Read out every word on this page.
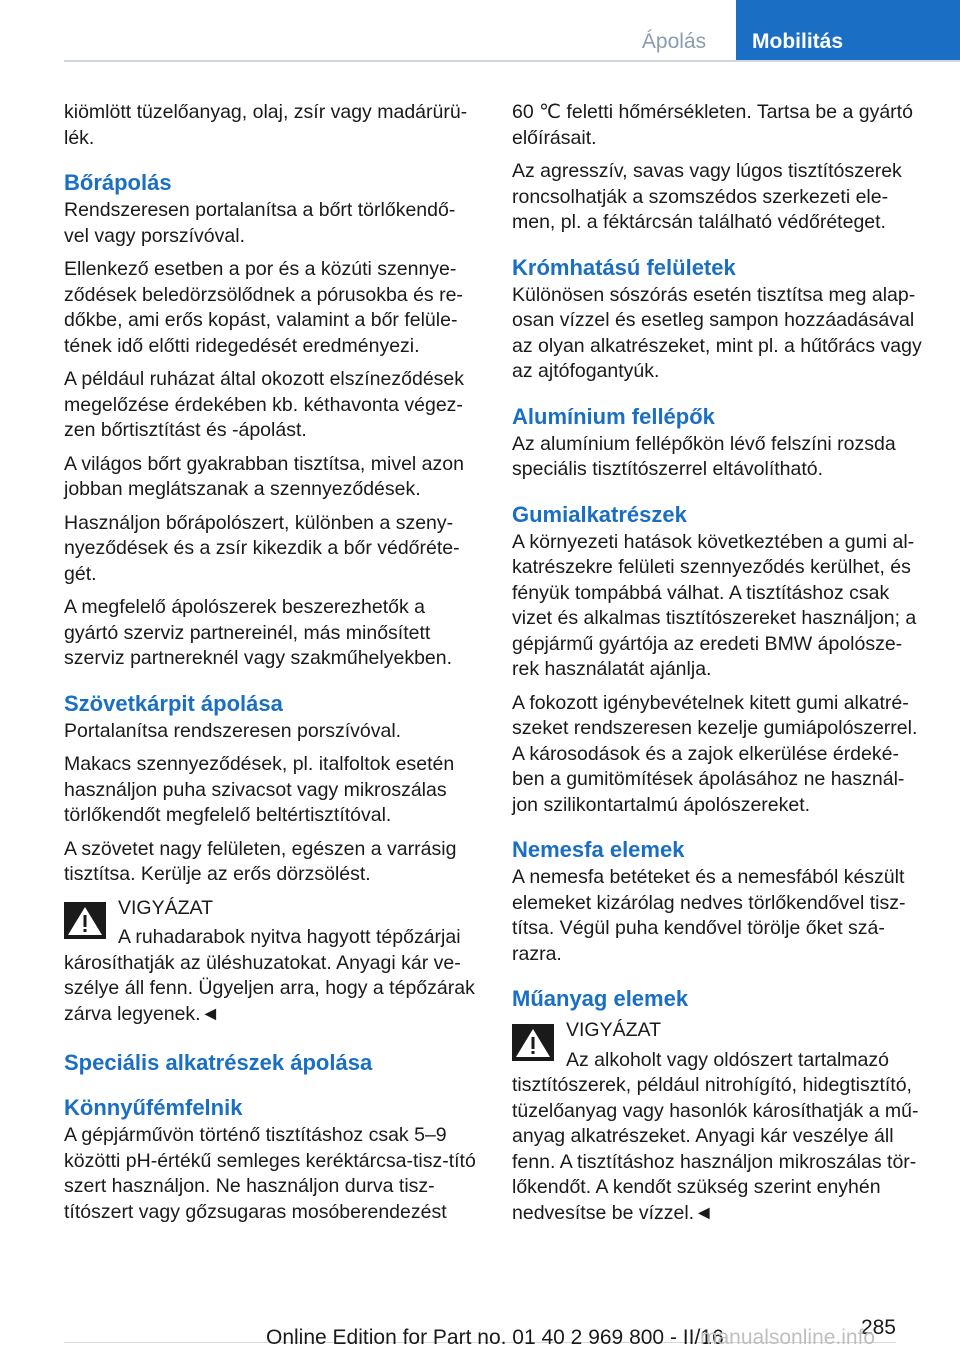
Ápolás	Mobilitás

kiömlött tüzelőanyag, olaj, zsír vagy madárürü-lék.

Bőrápolás

Rendszeresen portalanítsa a bőrt törlőkendő-vel vagy porszívóval.

Ellenkező esetben a por és a közúti szennye-ződések beledörzsölődnek a pórusokba és re-dőkbe, ami erős kopást, valamint a bőr felüle-tének idő előtti ridegedését eredményezi.

A például ruházat által okozott elszíneződések megelőzése érdekében kb. kéthavonta végez-zen bőrtisztítást és -ápolást.

A világos bőrt gyakrabban tisztítsa, mivel azon jobban meglátszanak a szennyeződések.

Használjon bőrápolószert, különben a szeny-nyeződések és a zsír kikezdik a bőr védőréte-gét.

A megfelelő ápolószerek beszerezhetők a gyártó szerviz partnereinél, más minősített szerviz partnereknél vagy szakműhelyekben.

Szövetkárpit ápolása

Portalanítsa rendszeresen porszívóval.

Makacs szennyeződések, pl. italfoltok esetén használjon puha szivacsot vagy mikroszálas törlőkendőt megfelelő beltértisztítóval.

A szövetet nagy felületen, egészen a varrásig tisztítsa. Kerülje az erős dörzsölést.

VIGYÁZAT

A ruhadarabok nyitva hagyott tépőzárjai károsíthatják az üléshuzatokat. Anyagi kár ve-szélye áll fenn. Ügyeljen arra, hogy a tépőzárak zárva legyenek.◄

Speciális alkatrészek ápolása
Könnyűfémfelnik

A gépjárművön történő tisztításhoz csak 5–9 közötti pH-értékű semleges keréktárcsa-tisz-tító szert használjon. Ne használjon durva tisz-títószert vagy gőzsugaras mosóberendezést

60 ℃ feletti hőmérsékleten. Tartsa be a gyártó előírásait.

Az agresszív, savas vagy lúgos tisztítószerek roncsolhatják a szomszédos szerkezeti ele-men, pl. a féktárcsán található védőréteget.

Krómhatású felületek

Különösen sószórás esetén tisztítsa meg alap-osan vízzel és esetleg sampon hozzáadásával az olyan alkatrészeket, mint pl. a hűtőrács vagy az ajtófogantyúk.

Alumínium fellépők

Az alumínium fellépőkön lévő felszíni rozsda speciális tisztítószerrel eltávolítható.

Gumialkatrészek

A környezeti hatások következtében a gumi al-katrészekre felületi szennyeződés kerülhet, és fényük tompábbá válhat. A tisztításhoz csak vizet és alkalmas tisztítószereket használjon; a gépjármű gyártója az eredeti BMW ápolósze-rek használatát ajánlja.

A fokozott igénybevételnek kitett gumi alkatré-szeket rendszeresen kezelje gumiápolószerrel. A károsodások és a zajok elkerülése érdeké-ben a gumitömítések ápolásához ne használ-jon szilikontartalmú ápolószereket.

Nemesfa elemek

A nemesfa betéteket és a nemesfából készült elemeket kizárólag nedves törlőkendővel tisz-títsa. Végül puha kendővel törölje őket szá-razra.

Műanyag elemek

VIGYÁZAT

Az alkoholt vagy oldószert tartalmazó tisztítószerek, például nitrohígító, hidegtisztító, tüzelőanyag vagy hasonlók károsíthatják a mű-anyag alkatrészeket. Anyagi kár veszélye áll fenn. A tisztításhoz használjon mikroszálas tör-lőkendőt. A kendőt szükség szerint enyhén nedvesítse be vízzel.◄

285
Online Edition for Part no. 01 40 2 969 800 - II/16
manualsonline.info
